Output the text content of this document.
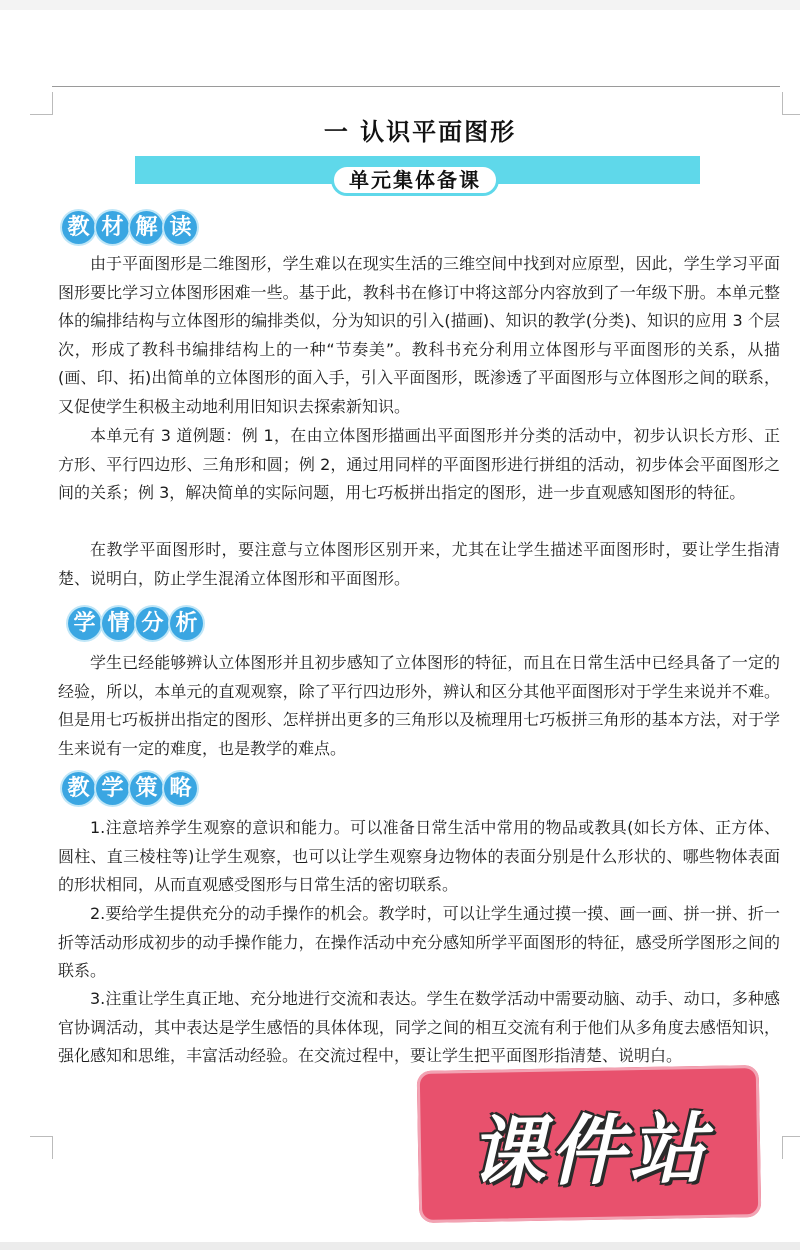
一 认识平面图形
单元集体备课
教 材 解 读

由于平面图形是二维图形，学生难以在现实生活的三维空间中找到对应原型，因此，学生学习平面图形要比学习立体图形困难一些。基于此，教科书在修订中将这部分内容放到了一年级下册。本单元整体的编排结构与立体图形的编排类似，分为知识的引入(描画)、知识的教学(分类)、知识的应用 3 个层次，形成了教科书编排结构上的一种“节奏美”。教科书充分利用立体图形与平面图形的关系，从描(画、印、拓)出简单的立体图形的面入手，引入平面图形，既渗透了平面图形与立体图形之间的联系，又促使学生积极主动地利用旧知识去探索新知识。

本单元有 3 道例题：例 1，在由立体图形描画出平面图形并分类的活动中，初步认识长方形、正方形、平行四边形、三角形和圆；例 2，通过用同样的平面图形进行拼组的活动，初步体会平面图形之间的关系；例 3，解决简单的实际问题，用七巧板拼出指定的图形，进一步直观感知图形的特征。

在教学平面图形时，要注意与立体图形区别开来，尤其在让学生描述平面图形时，要让学生指清楚、说明白，防止学生混淆立体图形和平面图形。

学 情 分 析

学生已经能够辨认立体图形并且初步感知了立体图形的特征，而且在日常生活中已经具备了一定的经验，所以，本单元的直观观察，除了平行四边形外，辨认和区分其他平面图形对于学生来说并不难。但是用七巧板拼出指定的图形、怎样拼出更多的三角形以及梳理用七巧板拼三角形的基本方法，对于学生来说有一定的难度，也是教学的难点。

教 学 策 略

1.注意培养学生观察的意识和能力。可以准备日常生活中常用的物品或教具(如长方体、正方体、圆柱、直三棱柱等)让学生观察，也可以让学生观察身边物体的表面分别是什么形状的、哪些物体表面的形状相同，从而直观感受图形与日常生活的密切联系。

2.要给学生提供充分的动手操作的机会。教学时，可以让学生通过摸一摸、画一画、拼一拼、折一折等活动形成初步的动手操作能力，在操作活动中充分感知所学平面图形的特征，感受所学图形之间的联系。

3.注重让学生真正地、充分地进行交流和表达。学生在数学活动中需要动脑、动手、动口，多种感官协调活动，其中表达是学生感悟的具体体现，同学之间的相互交流有利于他们从多角度去感悟知识，强化感知和思维，丰富活动经验。在交流过程中，要让学生把平面图形指清楚、说明白。

课件站
